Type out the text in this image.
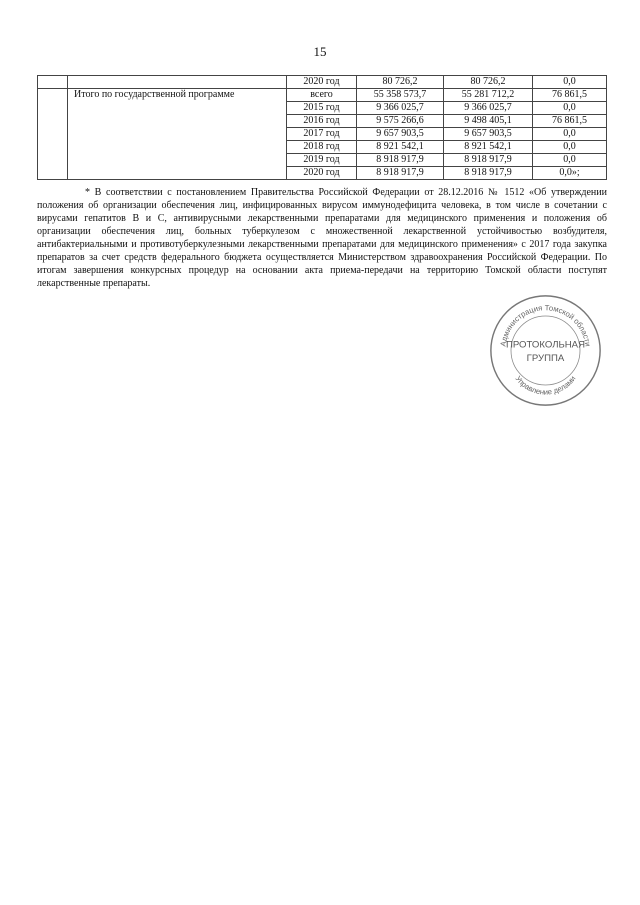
15
		2020 год	80 726,2	80 726,2	0,0
	Итого по государственной программе	всего	55 358 573,7	55 281 712,2	76 861,5
		2015 год	9 366 025,7	9 366 025,7	0,0
		2016 год	9 575 266,6	9 498 405,1	76 861,5
		2017 год	9 657 903,5	9 657 903,5	0,0
		2018 год	8 921 542,1	8 921 542,1	0,0
		2019 год	8 918 917,9	8 918 917,9	0,0
		2020 год	8 918 917,9	8 918 917,9	0,0»;
* В соответствии с постановлением Правительства Российской Федерации от 28.12.2016 № 1512 «Об утверждении положения об организации обеспечения лиц, инфицированных вирусом иммунодефицита человека, в том числе в сочетании с вирусами гепатитов B и C, антивирусными лекарственными препаратами для медицинского применения и положения об организации обеспечения лиц, больных туберкулезом с множественной лекарственной устойчивостью возбудителя, антибактериальными и противотуберкулезными лекарственными препаратами для медицинского применения» с 2017 года закупка препаратов за счет средств федерального бюджета осуществляется Министерством здравоохранения Российской Федерации. По итогам завершения конкурсных процедур на основании акта приема-передачи на территорию Томской области поступят лекарственные препараты.
Администрация Томской области
Управление делами
ПРОТОКОЛЬНАЯ
ГРУППА
